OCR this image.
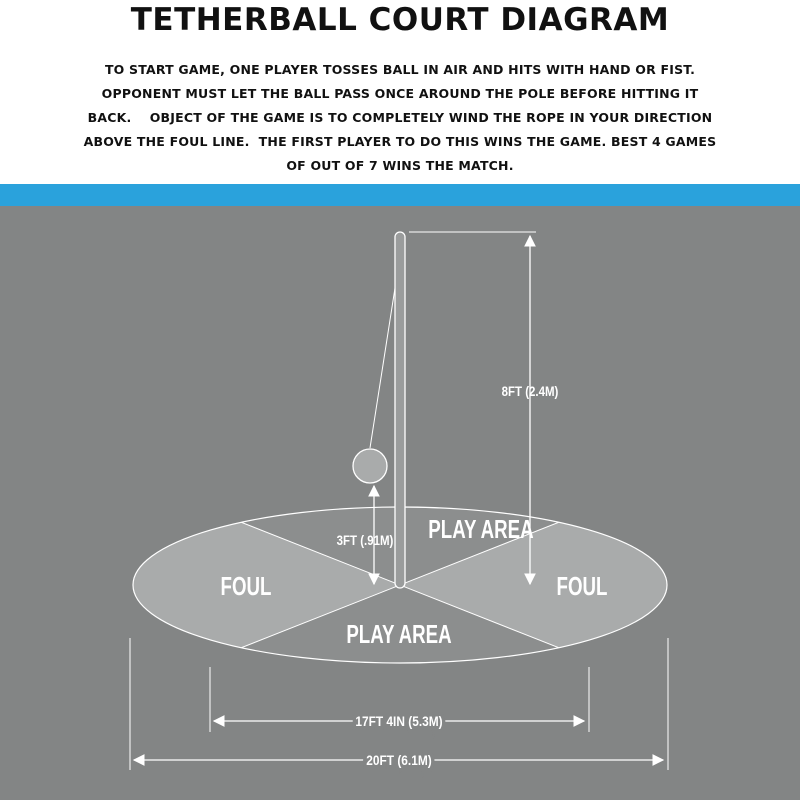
TETHERBALL COURT DIAGRAM
TO START GAME, ONE PLAYER TOSSES BALL IN AIR AND HITS WITH HAND OR FIST.
OPPONENT MUST LET THE BALL PASS ONCE AROUND THE POLE BEFORE HITTING IT
BACK.    OBJECT OF THE GAME IS TO COMPLETELY WIND THE ROPE IN YOUR DIRECTION
ABOVE THE FOUL LINE.  THE FIRST PLAYER TO DO THIS WINS THE GAME. BEST 4 GAMES
OF OUT OF 7 WINS THE MATCH.
8FT (2.4M)
3FT (.91M) PLAY AREA
PLAY AREA
FOUL	FOUL
17FT 4IN (5.3M)
20FT (6.1M)
